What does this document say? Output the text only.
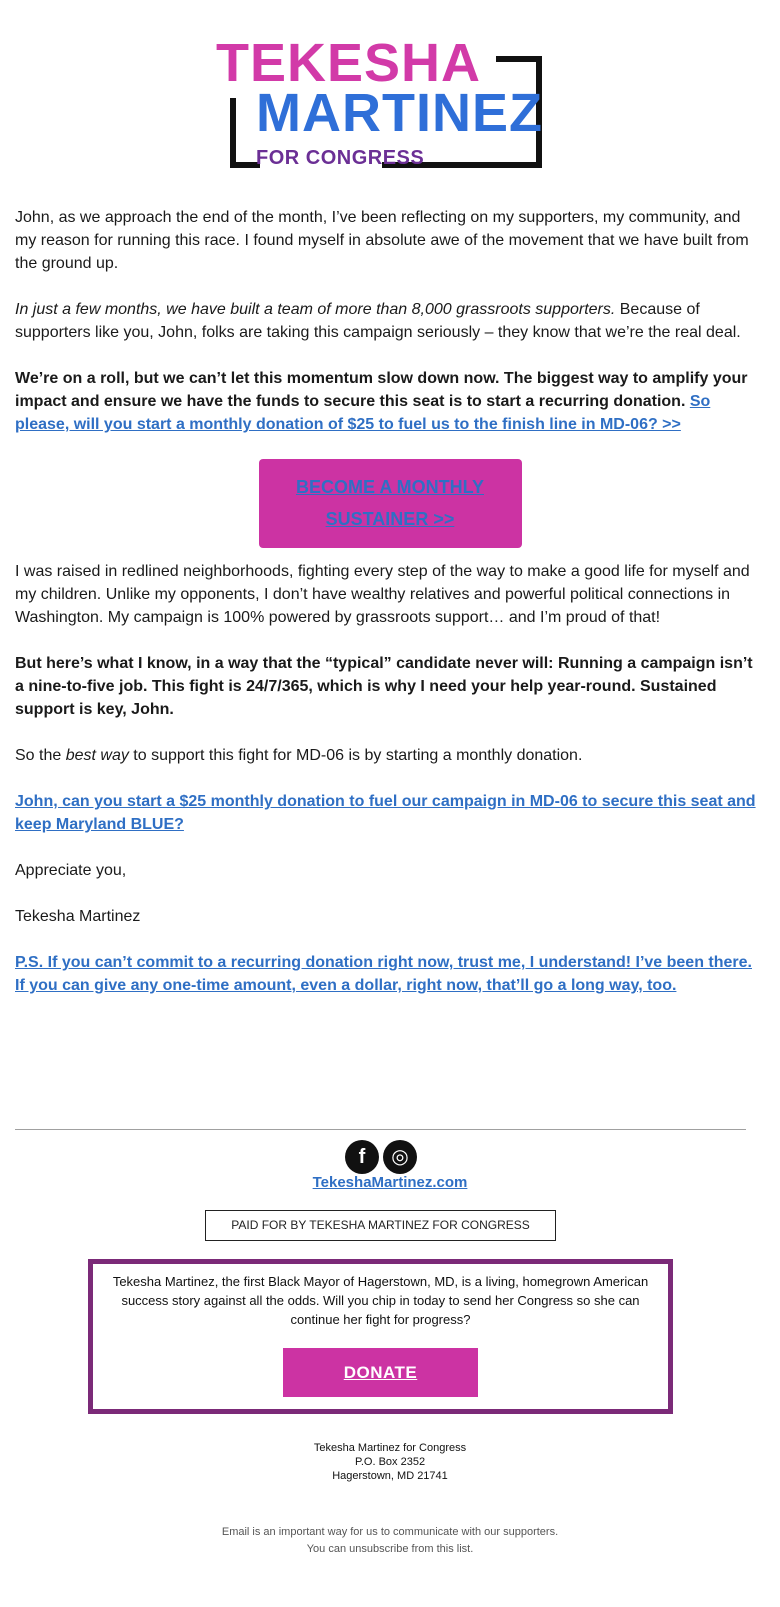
TEKESHA
MARTINEZ
FOR CONGRESS

John, as we approach the end of the month, I’ve been reflecting on my supporters, my community, and my reason for running this race. I found myself in absolute awe of the movement that we have built from the ground up.

In just a few months, we have built a team of more than 8,000 grassroots supporters. Because of supporters like you, John, folks are taking this campaign seriously – they know that we’re the real deal.

We’re on a roll, but we can’t let this momentum slow down now. The biggest way to amplify your impact and ensure we have the funds to secure this seat is to start a recurring donation. So please, will you start a monthly donation of $25 to fuel us to the finish line in MD-06? >>

BECOME A MONTHLY
SUSTAINER >>

I was raised in redlined neighborhoods, fighting every step of the way to make a good life for myself and my children. Unlike my opponents, I don’t have wealthy relatives and powerful political connections in Washington. My campaign is 100% powered by grassroots support… and I’m proud of that!

But here’s what I know, in a way that the “typical” candidate never will: Running a campaign isn’t a nine-to-five job. This fight is 24/7/365, which is why I need your help year-round. Sustained support is key, John.

So the best way to support this fight for MD-06 is by starting a monthly donation.

John, can you start a $25 monthly donation to fuel our campaign in MD-06 to secure this seat and keep Maryland BLUE?

Appreciate you,

Tekesha Martinez

P.S. If you can’t commit to a recurring donation right now, trust me, I understand! I’ve been there. If you can give any one-time amount, even a dollar, right now, that’ll go a long way, too.

f	◎
TekeshaMartinez.com
PAID FOR BY TEKESHA MARTINEZ FOR CONGRESS
Tekesha Martinez, the first Black Mayor of Hagerstown, MD, is a living, homegrown American success story against all the odds. Will you chip in today to send her Congress so she can continue her fight for progress?
DONATE
Tekesha Martinez for Congress
P.O. Box 2352
Hagerstown, MD 21741
Email is an important way for us to communicate with our supporters.
You can unsubscribe from this list.
